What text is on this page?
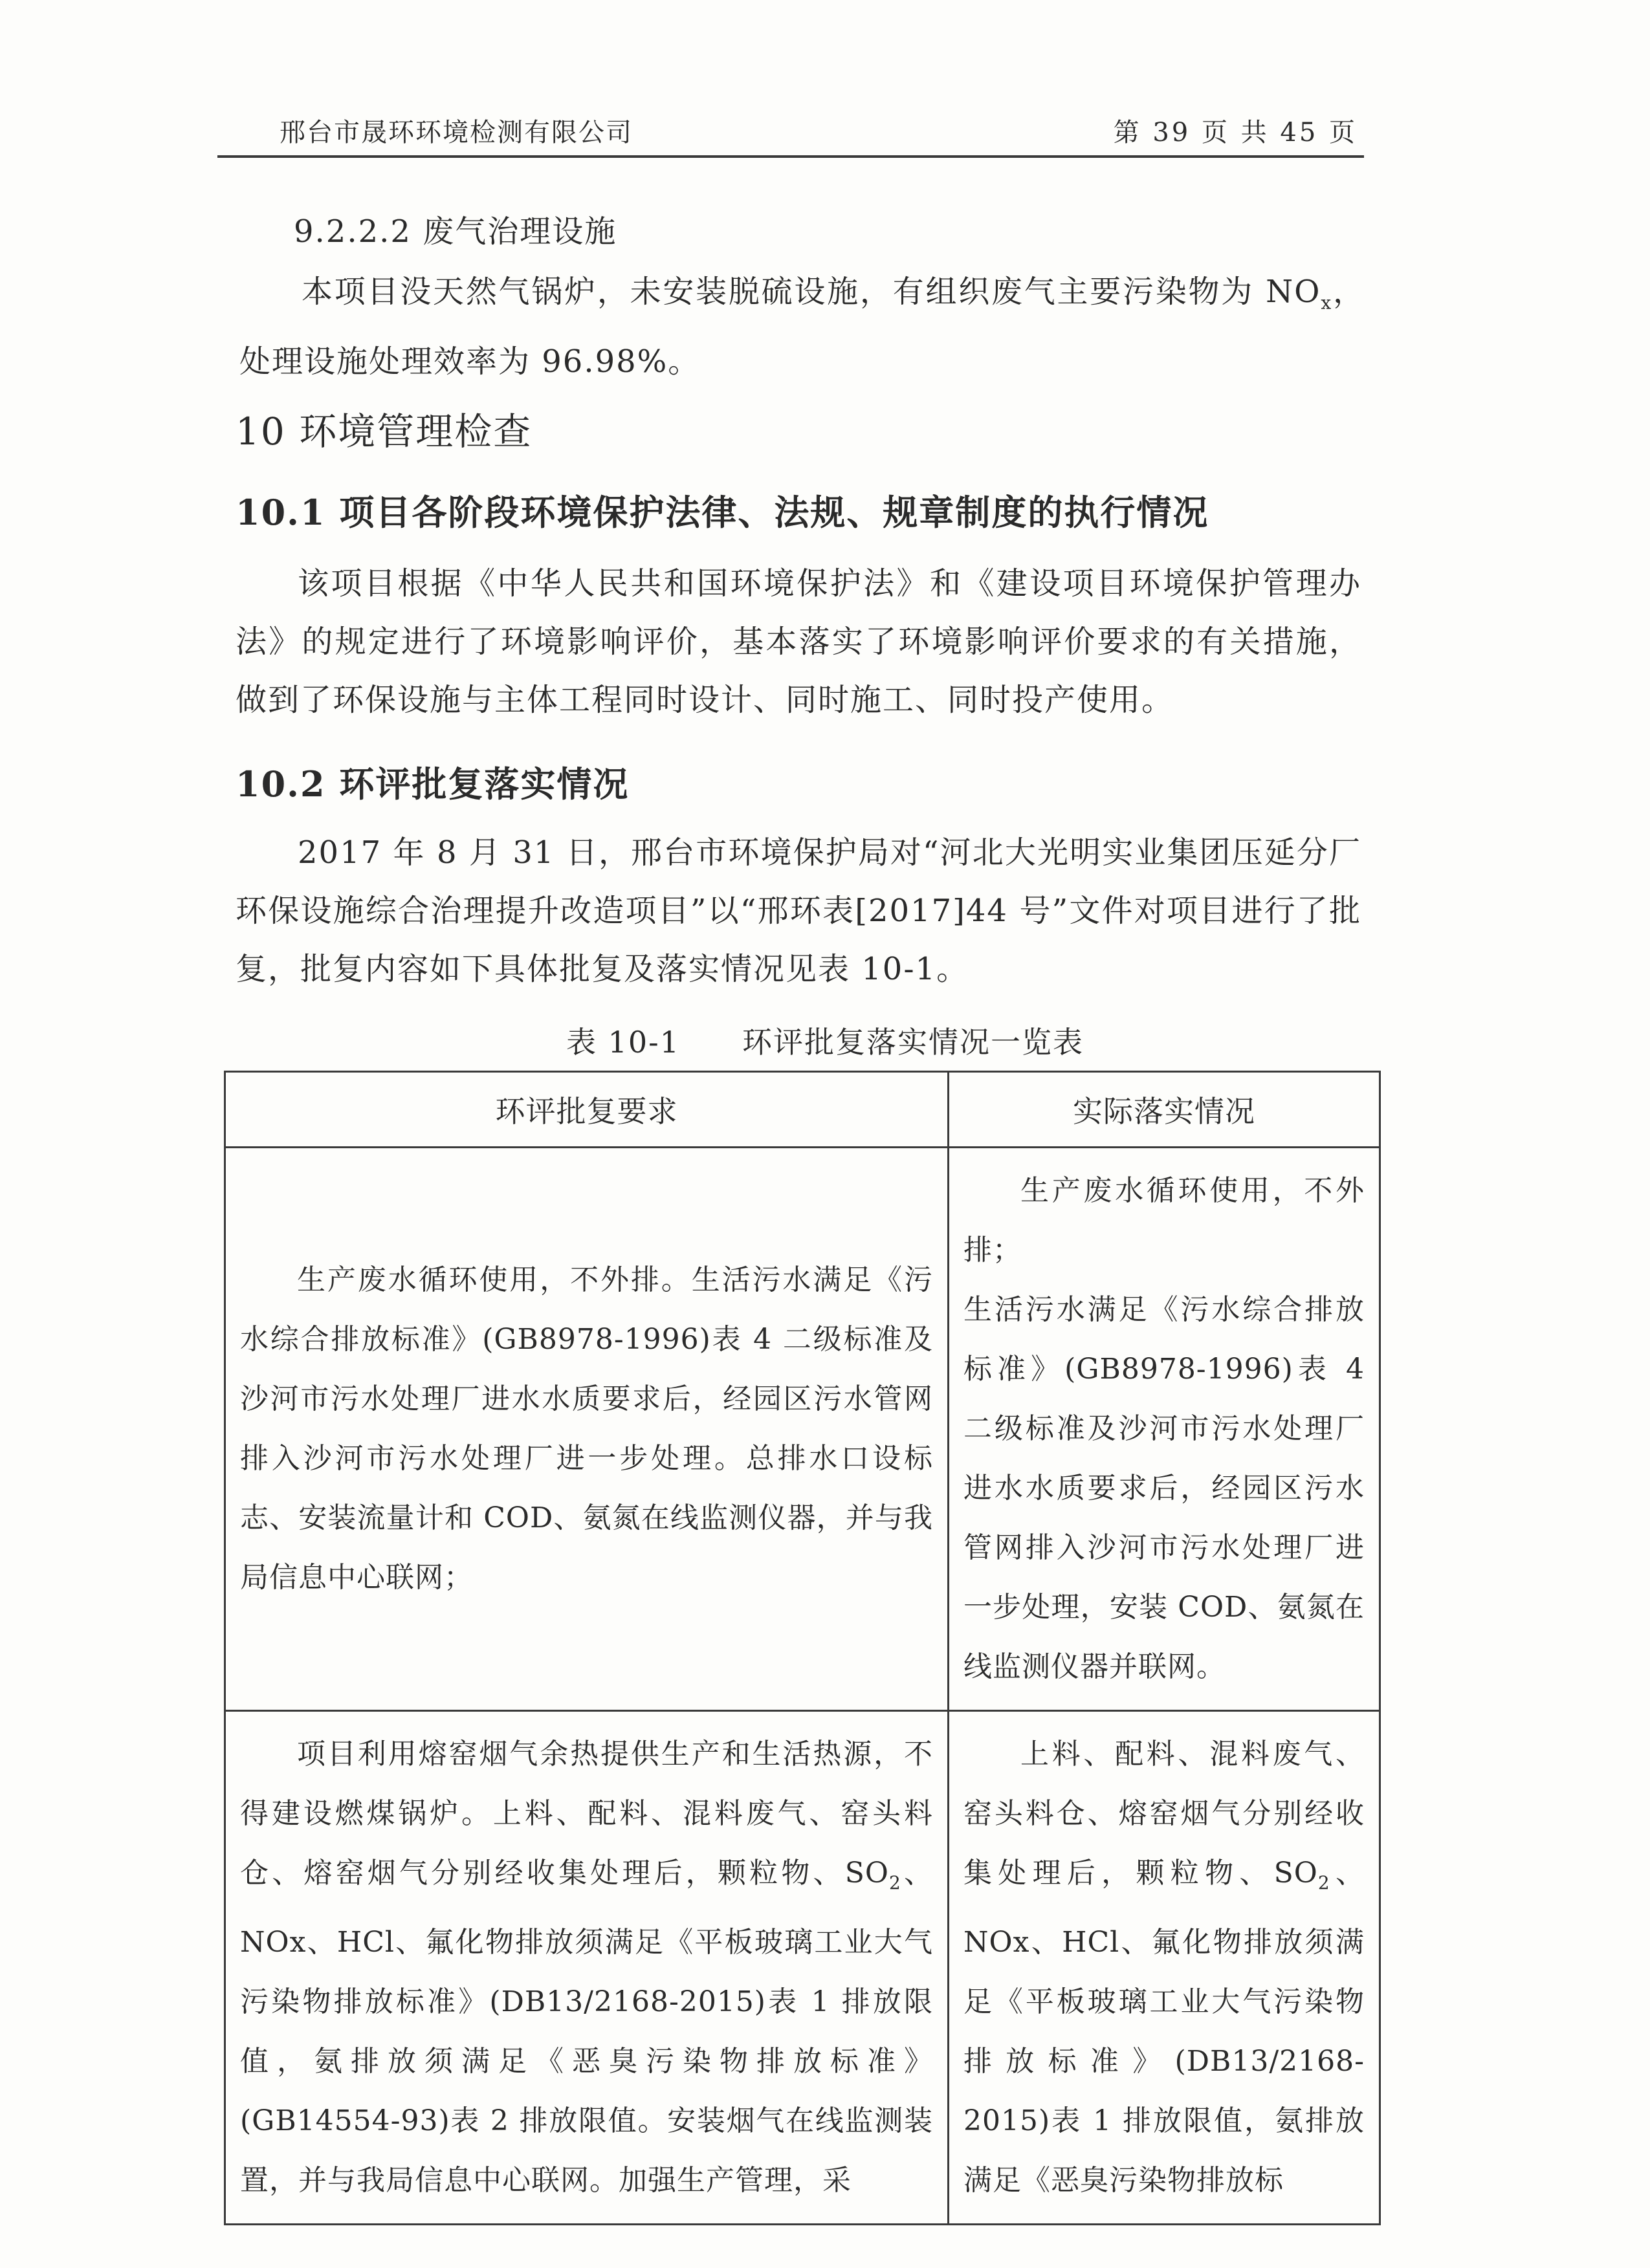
邢台市晟环环境检测有限公司	第 39 页 共 45 页

9.2.2.2 废气治理设施

本项目没天然气锅炉，未安装脱硫设施，有组织废气主要污染物为 $NO_x$，处理设施处理效率为 96.98%。

10 环境管理检查

10.1 项目各阶段环境保护法律、法规、规章制度的执行情况

该项目根据《中华人民共和国环境保护法》和《建设项目环境保护管理办法》的规定进行了环境影响评价，基本落实了环境影响评价要求的有关措施，做到了环保设施与主体工程同时设计、同时施工、同时投产使用。

10.2 环评批复落实情况

2017 年 8 月 31 日，邢台市环境保护局对“河北大光明实业集团压延分厂环保设施综合治理提升改造项目”以“邢环表[2017]44 号”文件对项目进行了批复，批复内容如下具体批复及落实情况见表 10-1。

表 10-1 环评批复落实情况一览表
环评批复要求	实际落实情况

生产废水循环使用，不外排。生活污水满足《污水综合排放标准》(GB8978-1996)表 4 二级标准及沙河市污水处理厂进水水质要求后，经园区污水管网排入沙河市污水处理厂进一步处理。总排水口设标志、安装流量计和 COD、氨氮在线监测仪器，并与我局信息中心联网；	生产废水循环使用，不外排；
生活污水满足《污水综合排放标准》(GB8978-1996)表 4 二级标准及沙河市污水处理厂进水水质要求后，经园区污水管网排入沙河市污水处理厂进一步处理，安装 COD、氨氮在线监测仪器并联网。

项目利用熔窑烟气余热提供生产和生活热源，不得建设燃煤锅炉。上料、配料、混料废气、窑头料仓、熔窑烟气分别经收集处理后，颗粒物、$SO_2$、NOx、HCl、氟化物排放须满足《平板玻璃工业大气污染物排放标准》(DB13/2168-2015)表 1 排放限值，氨排放须满足《恶臭污染物排放标准》(GB14554-93)表 2 排放限值。安装烟气在线监测装置，并与我局信息中心联网。加强生产管理，采	上料、配料、混料废气、窑头料仓、熔窑烟气分别经收集处理后，颗粒物、$SO_2$、NOx、HCl、氟化物排放须满足《平板玻璃工业大气污染物排放标准》(DB13/2168-2015)表 1 排放限值，氨排放满足《恶臭污染物排放标
